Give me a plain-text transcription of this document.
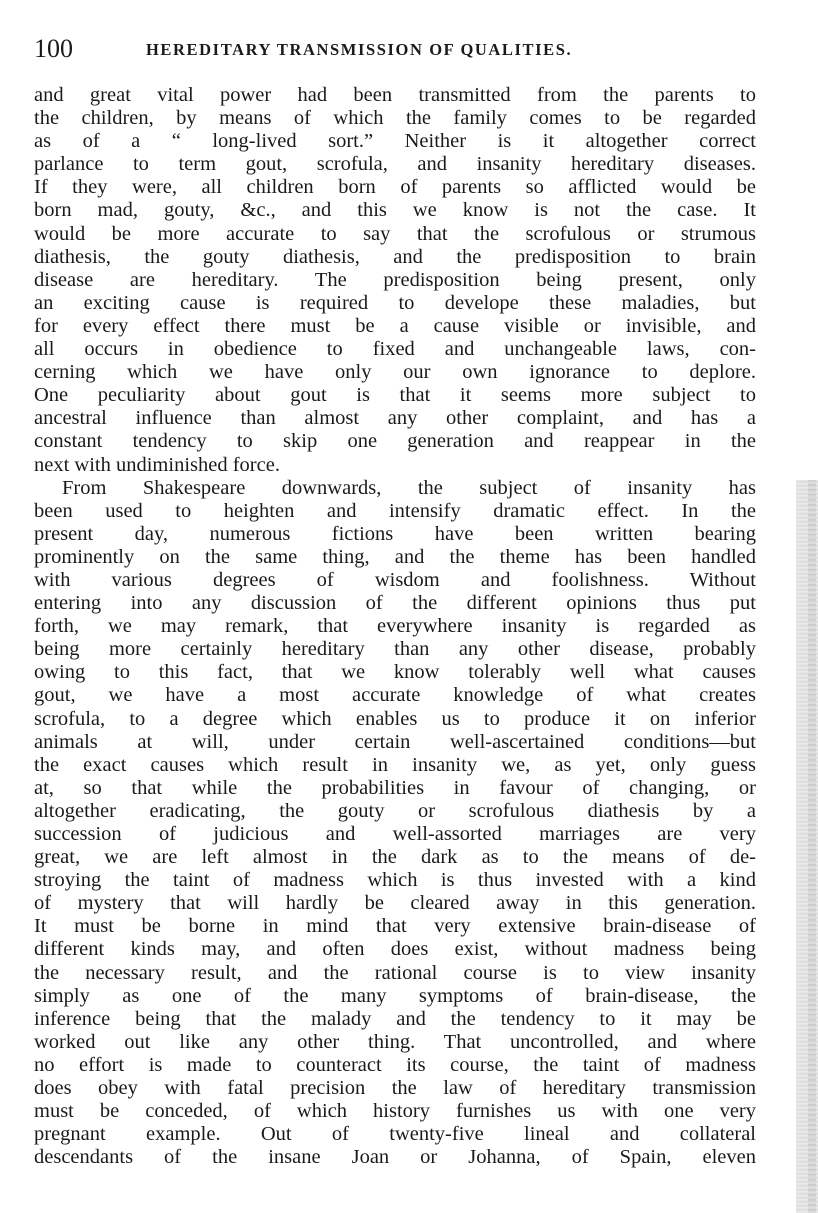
100	HEREDITARY TRANSMISSION OF QUALITIES.
and great vital power had been transmitted from the parents to
the children, by means of which the family comes to be regarded
as of a “ long-lived sort.” Neither is it altogether correct
parlance to term gout, scrofula, and insanity hereditary diseases.
If they were, all children born of parents so afflicted would be
born mad, gouty, &c., and this we know is not the case. It
would be more accurate to say that the scrofulous or strumous
diathesis, the gouty diathesis, and the predisposition to brain
disease are hereditary. The predisposition being present, only
an exciting cause is required to develope these maladies, but
for every effect there must be a cause visible or invisible, and
all occurs in obedience to fixed and unchangeable laws, con-
cerning which we have only our own ignorance to deplore.
One peculiarity about gout is that it seems more subject to
ancestral influence than almost any other complaint, and has a
constant tendency to skip one generation and reappear in the
next with undiminished force.
From Shakespeare downwards, the subject of insanity has
been used to heighten and intensify dramatic effect. In the
present day, numerous fictions have been written bearing
prominently on the same thing, and the theme has been handled
with various degrees of wisdom and foolishness. Without
entering into any discussion of the different opinions thus put
forth, we may remark, that everywhere insanity is regarded as
being more certainly hereditary than any other disease, probably
owing to this fact, that we know tolerably well what causes
gout, we have a most accurate knowledge of what creates
scrofula, to a degree which enables us to produce it on inferior
animals at will, under certain well-ascertained conditions—but
the exact causes which result in insanity we, as yet, only guess
at, so that while the probabilities in favour of changing, or
altogether eradicating, the gouty or scrofulous diathesis by a
succession of judicious and well-assorted marriages are very
great, we are left almost in the dark as to the means of de-
stroying the taint of madness which is thus invested with a kind
of mystery that will hardly be cleared away in this generation.
It must be borne in mind that very extensive brain-disease of
different kinds may, and often does exist, without madness being
the necessary result, and the rational course is to view insanity
simply as one of the many symptoms of brain-disease, the
inference being that the malady and the tendency to it may be
worked out like any other thing. That uncontrolled, and where
no effort is made to counteract its course, the taint of madness
does obey with fatal precision the law of hereditary transmission
must be conceded, of which history furnishes us with one very
pregnant example. Out of twenty-five lineal and collateral
descendants of the insane Joan or Johanna, of Spain, eleven
